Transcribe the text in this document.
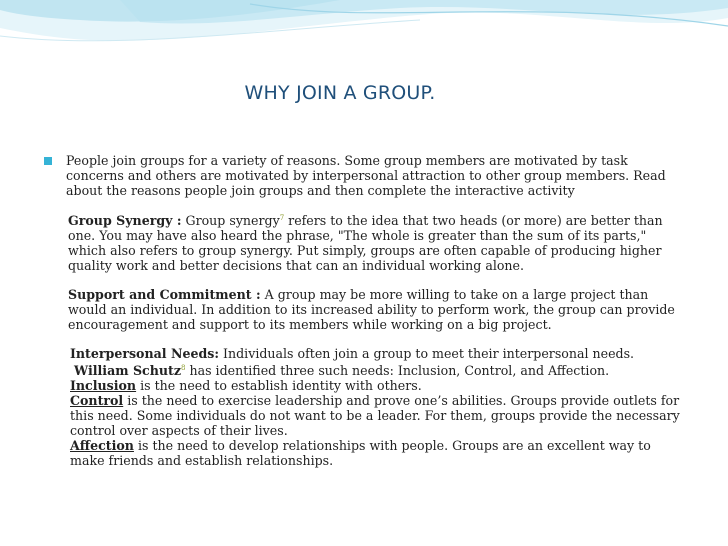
WHY JOIN A GROUP.

People join groups for a variety of reasons. Some group members are motivated by task concerns and others are motivated by interpersonal attraction to other group members. Read about the reasons people join groups and then complete the interactive activity

Group Synergy : Group synergy$^7$ refers to the idea that two heads (or more) are better than one. You may have also heard the phrase, "The whole is greater than the sum of its parts," which also refers to group synergy. Put simply, groups are often capable of producing higher quality work and better decisions that can an individual working alone.

Support and Commitment : A group may be more willing to take on a large project than would an individual. In addition to its increased ability to perform work, the group can provide encouragement and support to its members while working on a big project.

Interpersonal Needs: Individuals often join a group to meet their interpersonal needs.

William Schutz$^8$ has identified three such needs: Inclusion, Control, and Affection.

Inclusion is the need to establish identity with others.

Control is the need to exercise leadership and prove one’s abilities. Groups provide outlets for this need. Some individuals do not want to be a leader. For them, groups provide the necessary control over aspects of their lives.

Affection is the need to develop relationships with people. Groups are an excellent way to make friends and establish relationships.
